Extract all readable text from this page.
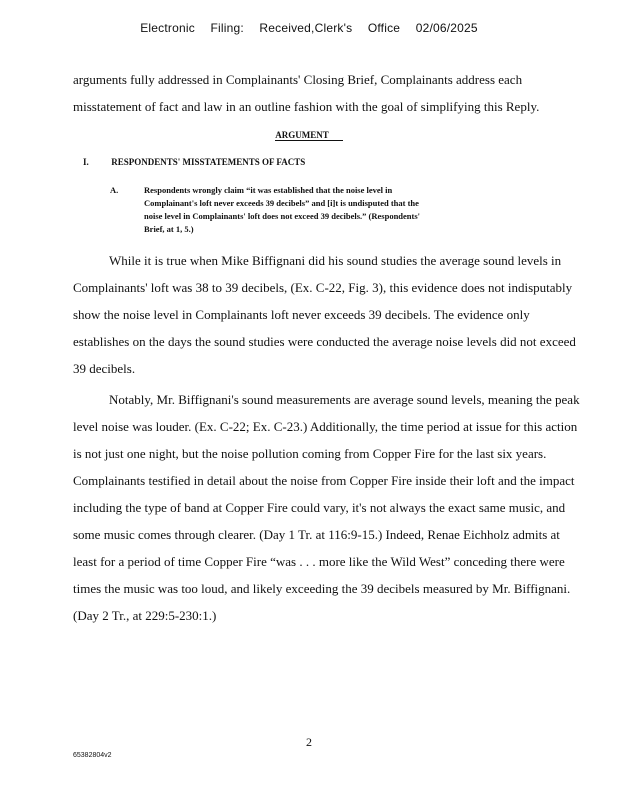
Electronic Filing: Received,Clerk's Office 02/06/2025
arguments fully addressed in Complainants' Closing Brief, Complainants address each
misstatement of fact and law in an outline fashion with the goal of simplifying this Reply.
ARGUMENT
I. RESPONDENTS' MISSTATEMENTS OF FACTS
A.	Respondents wrongly claim “it was established that the noise level in
Complainant's loft never exceeds 39 decibels” and [i]t is undisputed that the
noise level in Complainants' loft does not exceed 39 decibels.” (Respondents'
Brief, at 1, 5.)
While it is true when Mike Biffignani did his sound studies the average sound levels in
Complainants' loft was 38 to 39 decibels, (Ex. C-22, Fig. 3), this evidence does not indisputably
show the noise level in Complainants loft never exceeds 39 decibels. The evidence only
establishes on the days the sound studies were conducted the average noise levels did not exceed
39 decibels.
Notably, Mr. Biffignani's sound measurements are average sound levels, meaning the peak
level noise was louder. (Ex. C-22; Ex. C-23.) Additionally, the time period at issue for this action
is not just one night, but the noise pollution coming from Copper Fire for the last six years.
Complainants testified in detail about the noise from Copper Fire inside their loft and the impact
including the type of band at Copper Fire could vary, it's not always the exact same music, and
some music comes through clearer. (Day 1 Tr. at 116:9-15.) Indeed, Renae Eichholz admits at
least for a period of time Copper Fire “was . . . more like the Wild West” conceding there were
times the music was too loud, and likely exceeding the 39 decibels measured by Mr. Biffignani.
(Day 2 Tr., at 229:5-230:1.)
2
65382804v2
